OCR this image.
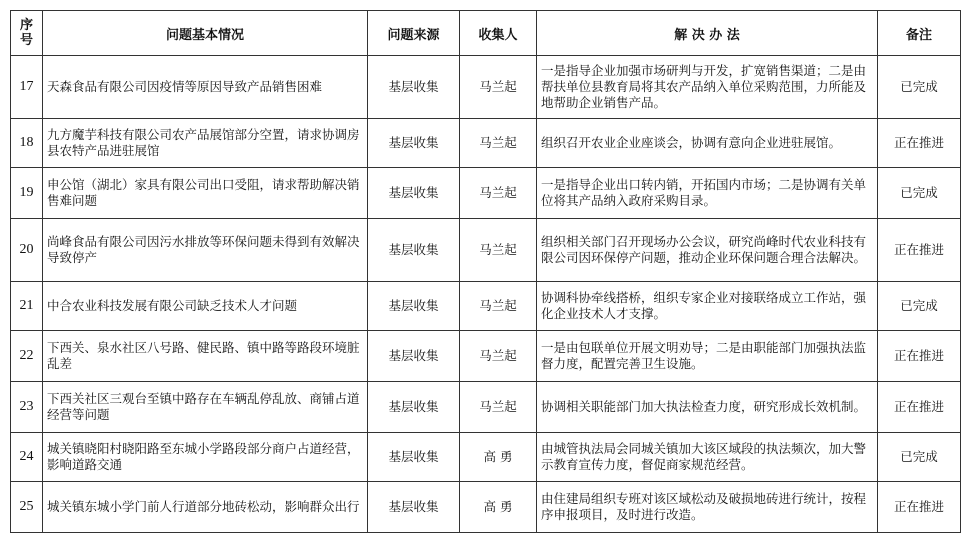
序号	问题基本情况	问题来源	收集人	解 决 办 法	备注
17	天森食品有限公司因疫情等原因导致产品销售困难	基层收集	马兰起	一是指导企业加强市场研判与开发，扩宽销售渠道；二是由帮扶单位县教育局将其农产品纳入单位采购范围，力所能及地帮助企业销售产品。	已完成
18	九方魔芋科技有限公司农产品展馆部分空置，请求协调房县农特产品进驻展馆	基层收集	马兰起	组织召开农业企业座谈会，协调有意向企业进驻展馆。	正在推进
19	申公馆（湖北）家具有限公司出口受阻，请求帮助解决销售难问题	基层收集	马兰起	一是指导企业出口转内销，开拓国内市场；二是协调有关单位将其产品纳入政府采购目录。	已完成
20	尚峰食品有限公司因污水排放等环保问题未得到有效解决导致停产	基层收集	马兰起	组织相关部门召开现场办公会议，研究尚峰时代农业科技有限公司因环保停产问题，推动企业环保问题合理合法解决。	正在推进
21	中合农业科技发展有限公司缺乏技术人才问题	基层收集	马兰起	协调科协牵线搭桥，组织专家企业对接联络成立工作站，强化企业技术人才支撑。	已完成
22	下西关、泉水社区八号路、健民路、镇中路等路段环境脏乱差	基层收集	马兰起	一是由包联单位开展文明劝导；二是由职能部门加强执法监督力度，配置完善卫生设施。	正在推进
23	下西关社区三观台至镇中路存在车辆乱停乱放、商铺占道经营等问题	基层收集	马兰起	协调相关职能部门加大执法检查力度，研究形成长效机制。	正在推进
24	城关镇晓阳村晓阳路至东城小学路段部分商户占道经营，影响道路交通	基层收集	高 勇	由城管执法局会同城关镇加大该区域段的执法频次，加大警示教育宣传力度，督促商家规范经营。	已完成
25	城关镇东城小学门前人行道部分地砖松动，影响群众出行	基层收集	高 勇	由住建局组织专班对该区域松动及破损地砖进行统计，按程序申报项目，及时进行改造。	正在推进
